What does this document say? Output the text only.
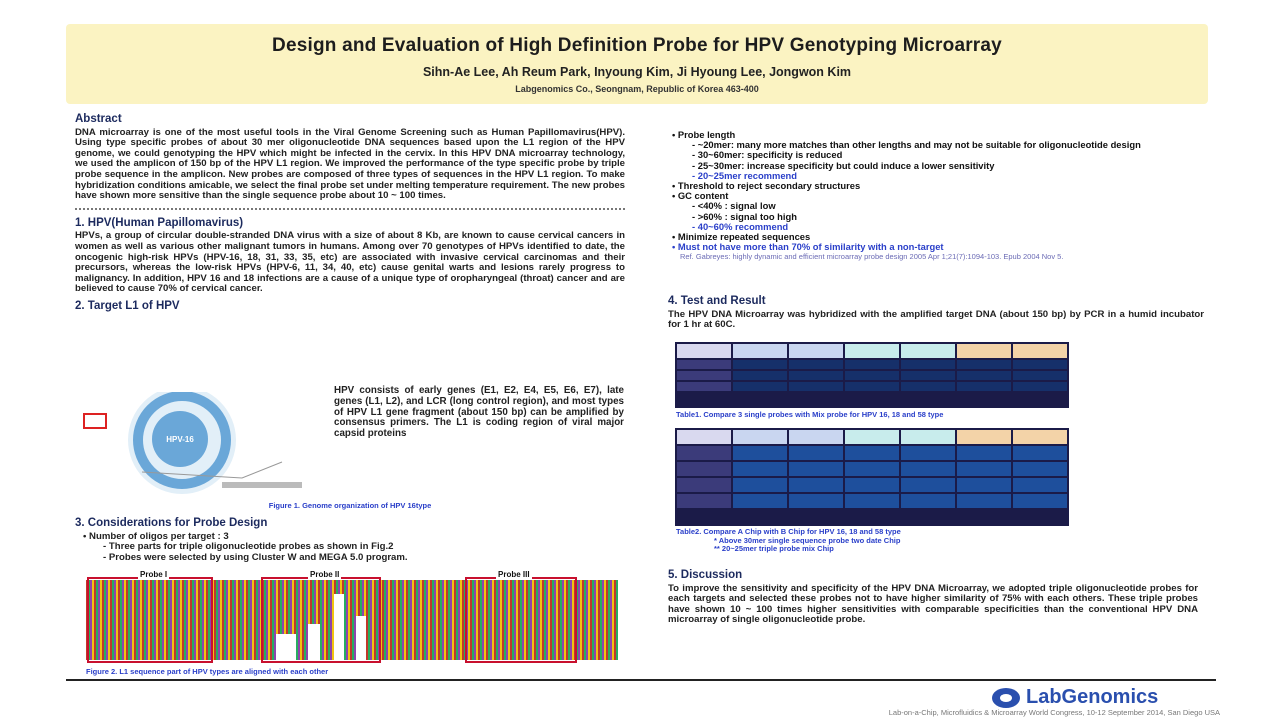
Design and Evaluation of High Definition Probe for HPV Genotyping Microarray
Sihn-Ae Lee, Ah Reum Park, Inyoung Kim, Ji Hyoung Lee, Jongwon Kim
Labgenomics Co., Seongnam, Republic of Korea 463-400
Abstract

DNA microarray is one of the most useful tools in the Viral Genome Screening such as Human Papillomavirus(HPV). Using type specific probes of about 30 mer oligonucleotide DNA sequences based upon the L1 region of the HPV genome, we could genotyping the HPV which might be infected in the cervix. In this HPV DNA microarray technology, we used the amplicon of 150 bp of the HPV L1 region. We improved the performance of the type specific probe by triple probe sequence in the amplicon. New probes are composed of three types of sequences in the HPV L1 region. To make hybridization conditions amicable, we select the final probe set under melting temperature requirement. The new probes have shown more sensitive than the single sequence probe about 10 ~ 100 times.

1. HPV(Human Papillomavirus)

HPVs, a group of circular double-stranded DNA virus with a size of about 8 Kb, are known to cause cervical cancers in women as well as various other malignant tumors in humans. Among over 70 genotypes of HPVs identified to date, the oncogenic high-risk HPVs (HPV-16, 18, 31, 33, 35, etc) are associated with invasive cervical carcinomas and their precursors, whereas the low-risk HPVs (HPV-6, 11, 34, 40, etc) cause genital warts and lesions rarely progress to malignancy. In addition, HPV 16 and 18 infections are a cause of a unique type of oropharyngeal (throat) cancer and are believed to cause 70% of cervical cancer.

2. Target L1 of HPV
HPV-16

HPV consists of early genes (E1, E2, E4, E5, E6, E7), late genes (L1, L2), and LCR (long control region), and most types of HPV L1 gene fragment (about 150 bp) can be amplified by consensus primers. The L1 is coding region of viral major capsid proteins

Figure 1. Genome organization of HPV 16type
3. Considerations for Probe Design
• Number of oligos per target : 3
- Three parts for triple oligonucleotide probes as shown in Fig.2
- Probes were selected by using Cluster W and MEGA 5.0 program.
Probe I	Probe II	Probe III
Figure 2. L1 sequence part of HPV types are aligned with each other
• Probe length
- ~20mer: many more matches than other lengths and may not be suitable for oligonucleotide design
- 30~60mer: specificity is reduced
- 25~30mer: increase specificity but could induce a lower sensitivity
- 20~25mer recommend
• Threshold to reject secondary structures
• GC content
- <40% : signal low
- >60% : signal too high
- 40~60% recommend
• Minimize repeated sequences
• Must not have more than 70% of similarity with a non-target
Ref. Gabreyes: highly dynamic and efficient microarray probe design 2005 Apr 1;21(7):1094-103. Epub 2004 Nov 5.
4. Test and Result

The HPV DNA Microarray was hybridized with the amplified target DNA (about 150 bp) by PCR in a humid incubator for 1 hr at 60C.

Table1. Compare 3 single probes with Mix probe for HPV 16, 18 and 58 type
Table2. Compare A Chip with B Chip for HPV 16, 18 and 58 type
* Above 30mer single sequence probe two date Chip
** 20~25mer triple probe mix Chip
5. Discussion

To improve the sensitivity and specificity of the HPV DNA Microarray, we adopted triple oligonucleotide probes for each targets and selected these probes not to have higher similarity of 75% with each others. These triple probes have shown 10 ~ 100 times higher sensitivities with comparable specificities than the conventional HPV DNA microarray of single oligonucleotide probe.

LabGenomics
Lab-on-a-Chip, Microfluidics & Microarray World Congress, 10-12 September 2014, San Diego USA
